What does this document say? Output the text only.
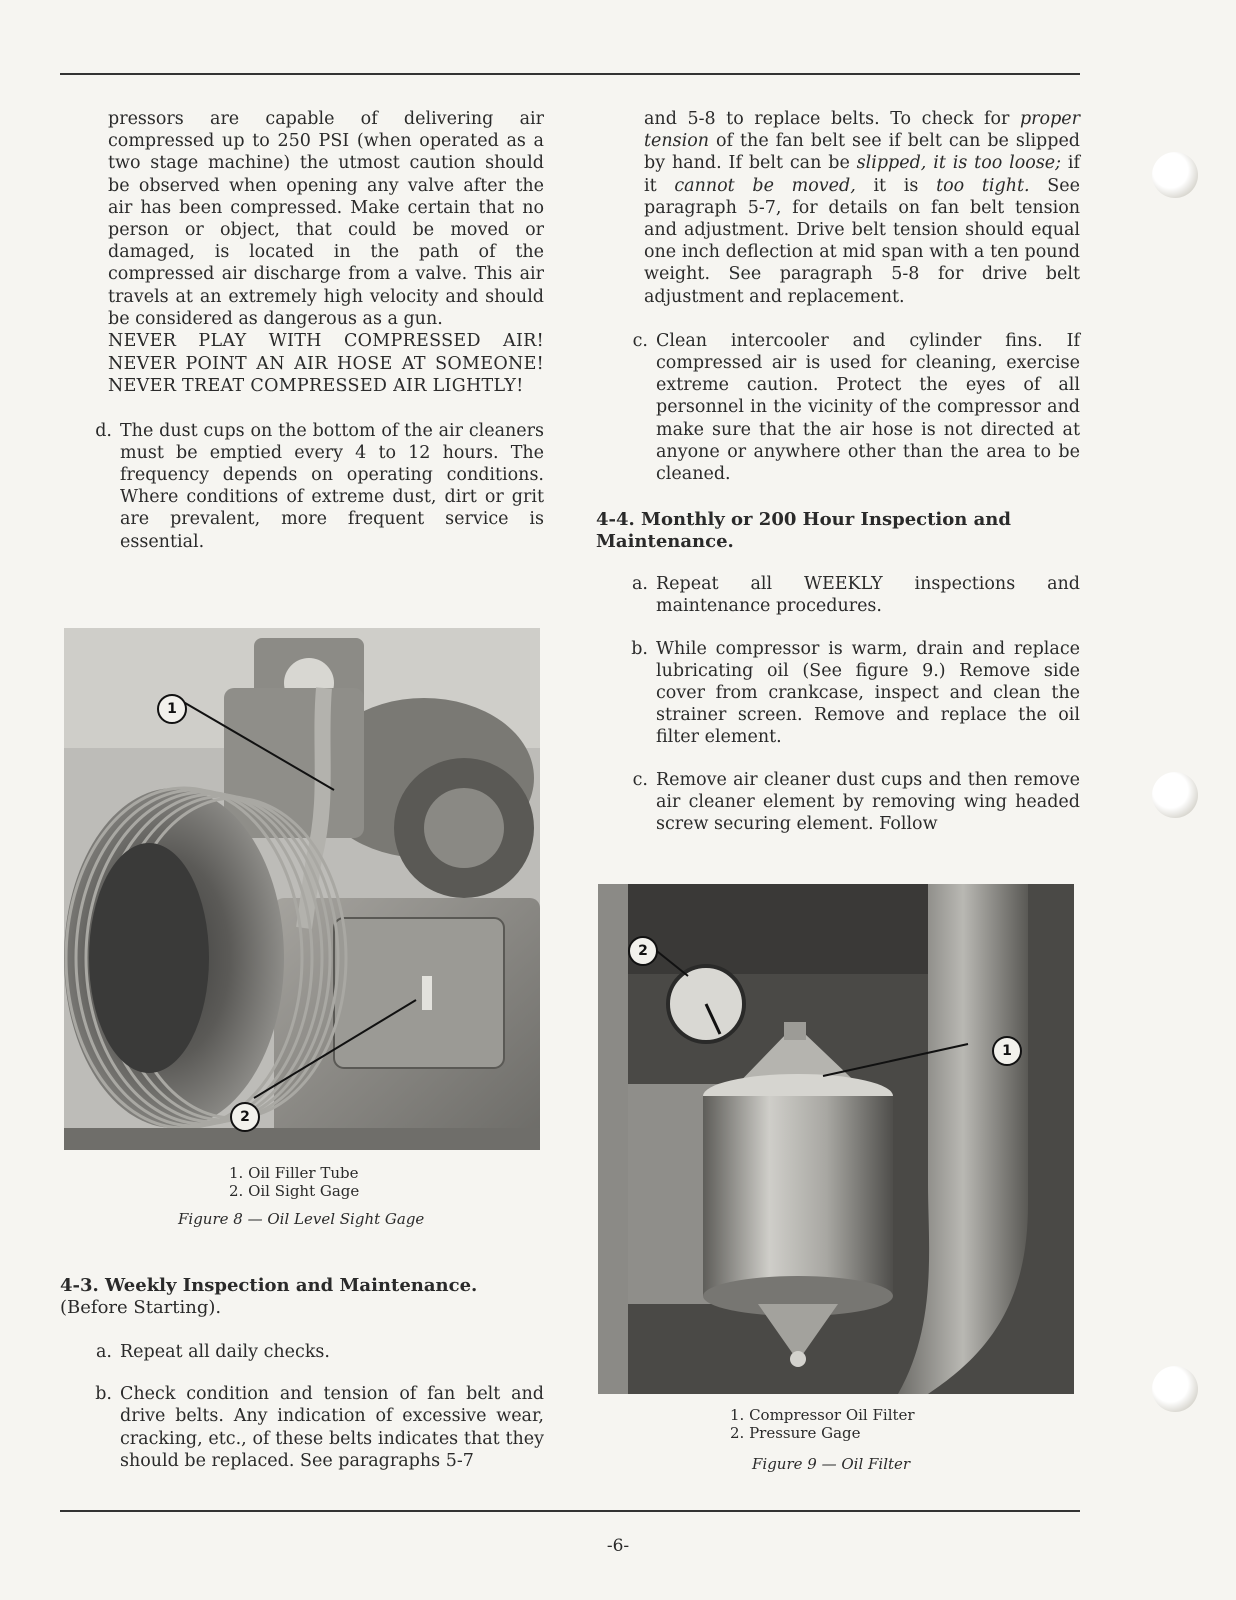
pressors are capable of delivering air compressed up to 250 PSI (when operated as a two stage machine) the utmost caution should be observed when opening any valve after the air has been compressed. Make certain that no person or object, that could be moved or damaged, is located in the path of the compressed air discharge from a valve. This air travels at an extremely high velocity and should be considered as dangerous as a gun.

NEVER PLAY WITH COMPRESSED AIR! NEVER POINT AN AIR HOSE AT SOMEONE! NEVER TREAT COMPRESSED AIR LIGHTLY!

d. The dust cups on the bottom of the air cleaners must be emptied every 4 to 12 hours. The frequency depends on operating conditions. Where conditions of extreme dust, dirt or grit are prevalent, more frequent service is essential.
1
2
1. Oil Filler Tube
2. Oil Sight Gage
Figure 8 — Oil Level Sight Gage
4-3. Weekly Inspection and Maintenance. (Before Starting).
a. Repeat all daily checks.
b. Check condition and tension of fan belt and drive belts. Any indication of excessive wear, cracking, etc., of these belts indicates that they should be replaced. See paragraphs 5-7

and 5-8 to replace belts. To check for proper tension of the fan belt see if belt can be slipped by hand. If belt can be slipped, it is too loose; if it cannot be moved, it is too tight. See paragraph 5-7, for details on fan belt tension and adjustment. Drive belt tension should equal one inch deflection at mid span with a ten pound weight. See paragraph 5-8 for drive belt adjustment and replacement.

c. Clean intercooler and cylinder fins. If compressed air is used for cleaning, exercise extreme caution. Protect the eyes of all personnel in the vicinity of the compressor and make sure that the air hose is not directed at anyone or anywhere other than the area to be cleaned.
4-4. Monthly or 200 Hour Inspection and Maintenance.
a. Repeat all WEEKLY inspections and maintenance procedures.
b. While compressor is warm, drain and replace lubricating oil (See figure 9.) Remove side cover from crankcase, inspect and clean the strainer screen. Remove and replace the oil filter element.
c. Remove air cleaner dust cups and then remove air cleaner element by removing wing headed screw securing element. Follow
2
1
1. Compressor Oil Filter
2. Pressure Gage
Figure 9 — Oil Filter
-6-
